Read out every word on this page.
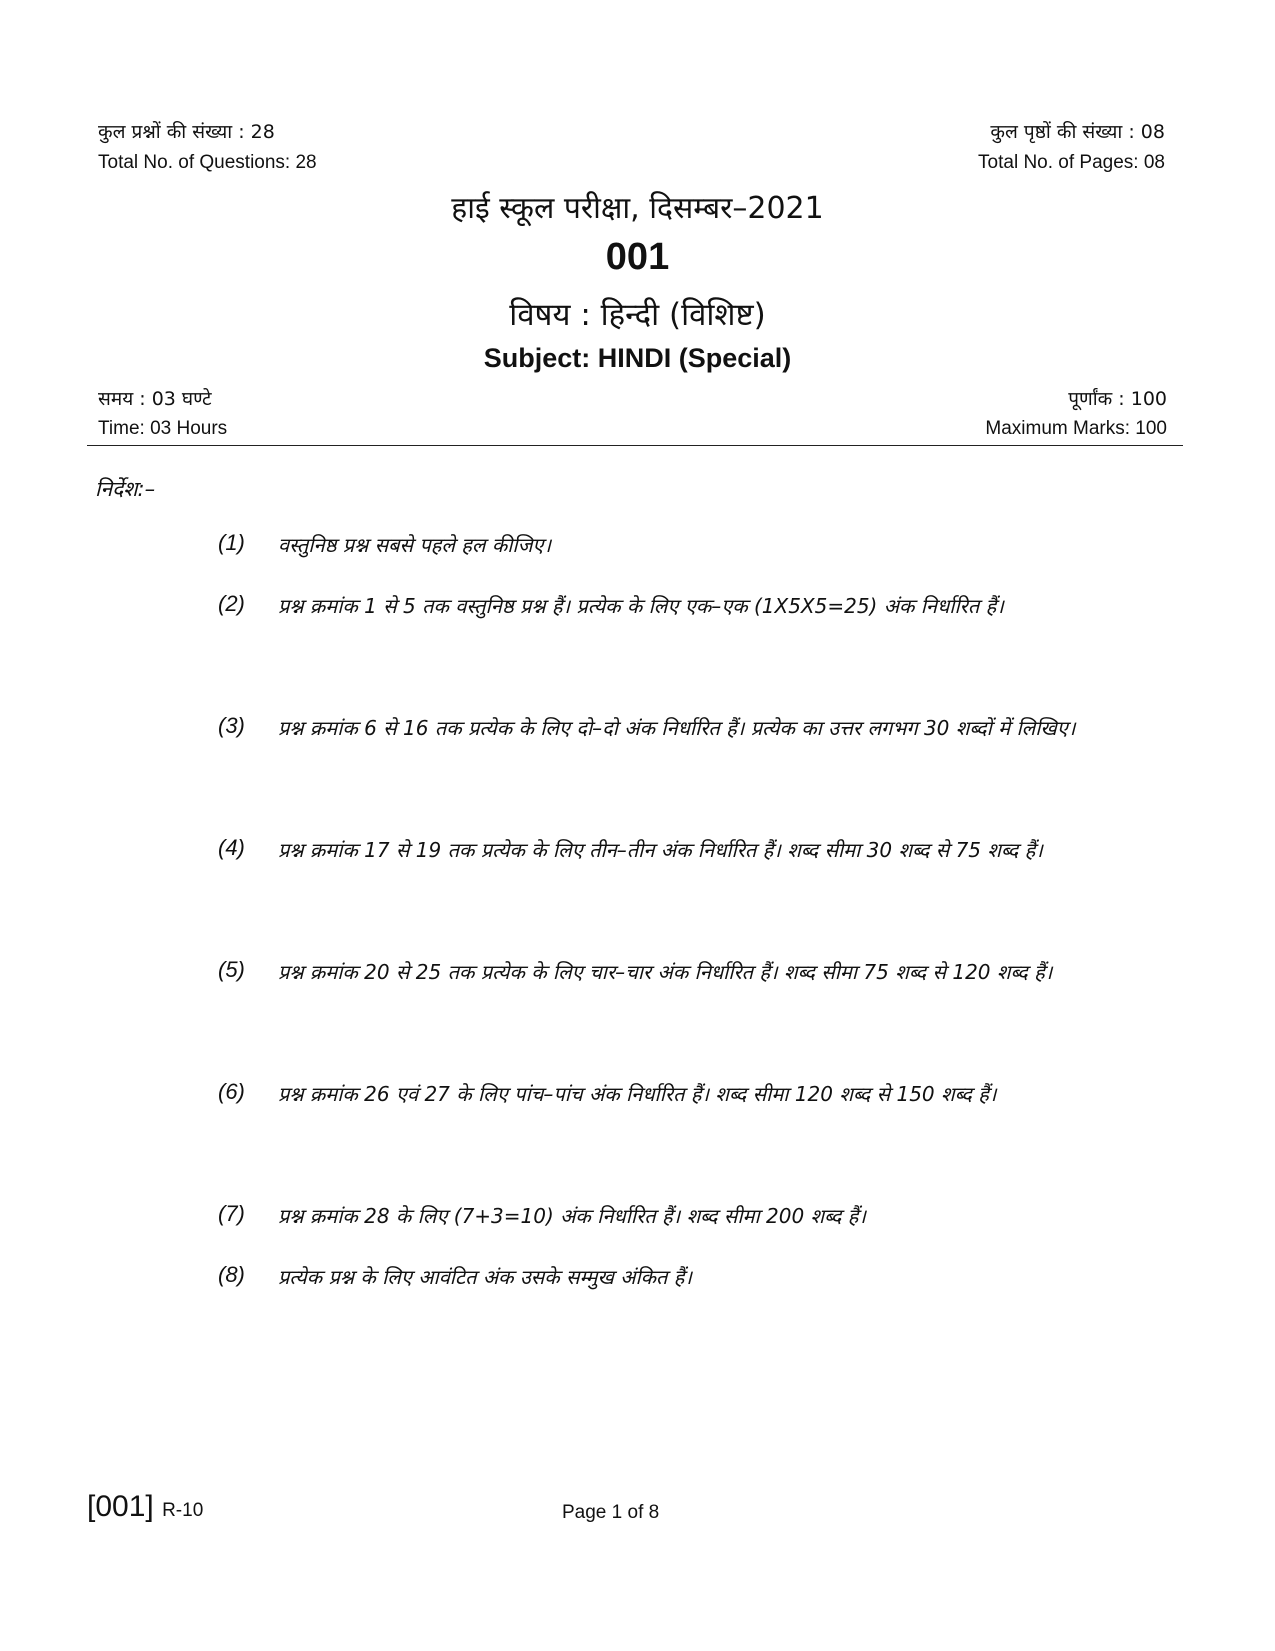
कुल प्रश्नों की संख्या : 28
Total No. of Questions: 28
कुल पृष्ठों की संख्या : 08
Total No. of Pages: 08
हाई स्कूल परीक्षा, दिसम्बर–2021
001
विषय : हिन्दी (विशिष्ट)
Subject: HINDI (Special)
समय : 03 घण्टे
Time: 03 Hours
पूर्णांक : 100
Maximum Marks: 100
निर्देश:–
(1) वस्तुनिष्ठ प्रश्न सबसे पहले हल कीजिए।
(2) प्रश्न क्रमांक 1 से 5 तक वस्तुनिष्ठ प्रश्न हैं। प्रत्येक के लिए एक–एक (1X5X5=25) अंक निर्धारित हैं।
(3) प्रश्न क्रमांक 6 से 16 तक प्रत्येक के लिए दो–दो अंक निर्धारित हैं। प्रत्येक का उत्तर लगभग 30 शब्दों में लिखिए।
(4) प्रश्न क्रमांक 17 से 19 तक प्रत्येक के लिए तीन–तीन अंक निर्धारित हैं। शब्द सीमा 30 शब्द से 75 शब्द हैं।
(5) प्रश्न क्रमांक 20 से 25 तक प्रत्येक के लिए चार–चार अंक निर्धारित हैं। शब्द सीमा 75 शब्द से 120 शब्द हैं।
(6) प्रश्न क्रमांक 26 एवं 27 के लिए पांच–पांच अंक निर्धारित हैं। शब्द सीमा 120 शब्द से 150 शब्द हैं।
(7) प्रश्न क्रमांक 28 के लिए (7+3=10) अंक निर्धारित हैं। शब्द सीमा 200 शब्द हैं।
(8) प्रत्येक प्रश्न के लिए आवंटित अंक उसके सम्मुख अंकित हैं।
[001] R-10	Page 1 of 8
